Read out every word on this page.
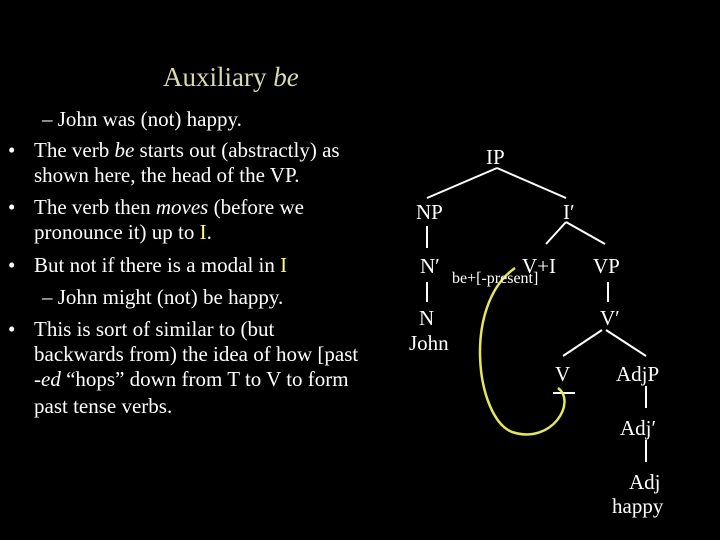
Auxiliary be
– John was (not) happy.
• The verb be starts out (abstractly) as
shown here, the head of the VP.
• The verb then moves (before we
pronounce it) up to I.
• But not if there is a modal in I
– John might (not) be happy.
• This is sort of similar to (but
backwards from) the idea of how [past
-ed “hops” down from T to V to form
past tense verbs.
IP
NP	I′
N′	V+I
be+[-present]
VP
N	V′
John
V AdjP
Adj′
Adj
happy
